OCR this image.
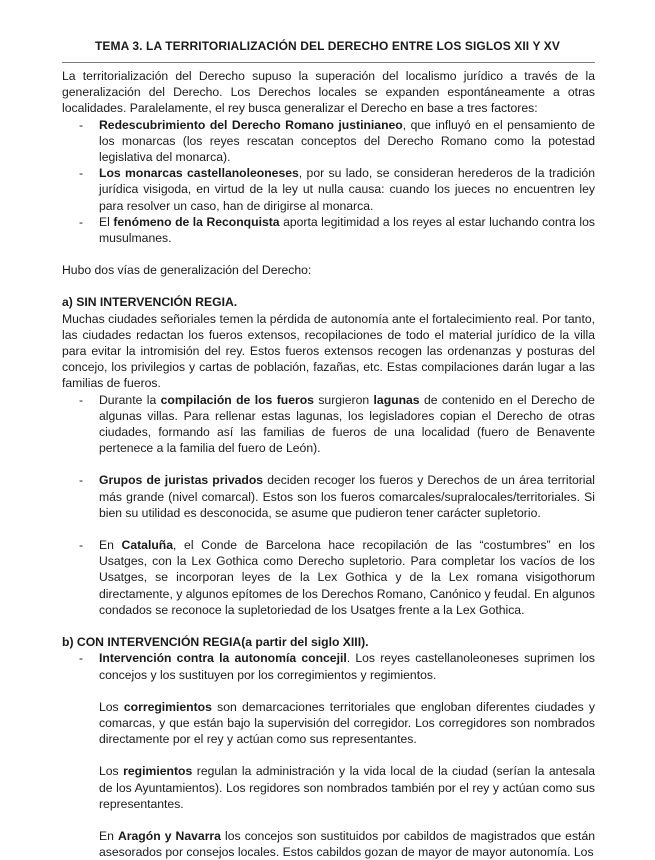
TEMA 3. LA TERRITORIALIZACIÓN DEL DERECHO ENTRE LOS SIGLOS XII Y XV

La territorialización del Derecho supuso la superación del localismo jurídico a través de la generalización del Derecho. Los Derechos locales se expanden espontáneamente a otras localidades. Paralelamente, el rey busca generalizar el Derecho en base a tres factores:

- Redescubrimiento del Derecho Romano justinianeo, que influyó en el pensamiento de los monarcas (los reyes rescatan conceptos del Derecho Romano como la potestad legislativa del monarca).
- Los monarcas castellanoleoneses, por su lado, se consideran herederos de la tradición jurídica visigoda, en virtud de la ley ut nulla causa: cuando los jueces no encuentren ley para resolver un caso, han de dirigirse al monarca.
- El fenómeno de la Reconquista aporta legitimidad a los reyes al estar luchando contra los musulmanes.

Hubo dos vías de generalización del Derecho:

a) SIN INTERVENCIÓN REGIA.

Muchas ciudades señoriales temen la pérdida de autonomía ante el fortalecimiento real. Por tanto, las ciudades redactan los fueros extensos, recopilaciones de todo el material jurídico de la villa para evitar la intromisión del rey. Estos fueros extensos recogen las ordenanzas y posturas del concejo, los privilegios y cartas de población, fazañas, etc. Estas compilaciones darán lugar a las familias de fueros.

- Durante la compilación de los fueros surgieron lagunas de contenido en el Derecho de algunas villas. Para rellenar estas lagunas, los legisladores copian el Derecho de otras ciudades, formando así las familias de fueros de una localidad (fuero de Benavente pertenece a la familia del fuero de León).
- Grupos de juristas privados deciden recoger los fueros y Derechos de un área territorial más grande (nivel comarcal). Estos son los fueros comarcales/supralocales/territoriales. Si bien su utilidad es desconocida, se asume que pudieron tener carácter supletorio.
- En Cataluña, el Conde de Barcelona hace recopilación de las “costumbres” en los Usatges, con la Lex Gothica como Derecho supletorio. Para completar los vacíos de los Usatges, se incorporan leyes de la Lex Gothica y de la Lex romana visigothorum directamente, y algunos epítomes de los Derechos Romano, Canónico y feudal. En algunos condados se reconoce la supletoriedad de los Usatges frente a la Lex Gothica.

b) CON INTERVENCIÓN REGIA(a partir del siglo XIII).

- Intervención contra la autonomía concejil. Los reyes castellanoleoneses suprimen los concejos y los sustituyen por los corregimientos y regimientos.

Los corregimientos son demarcaciones territoriales que engloban diferentes ciudades y comarcas, y que están bajo la supervisión del corregidor. Los corregidores son nombrados directamente por el rey y actúan como sus representantes.

Los regimientos regulan la administración y la vida local de la ciudad (serían la antesala de los Ayuntamientos). Los regidores son nombrados también por el rey y actúan como sus representantes.

En Aragón y Navarra los concejos son sustituidos por cabildos de magistrados que están asesorados por consejos locales. Estos cabildos gozan de mayor de mayor autonomía. Los
